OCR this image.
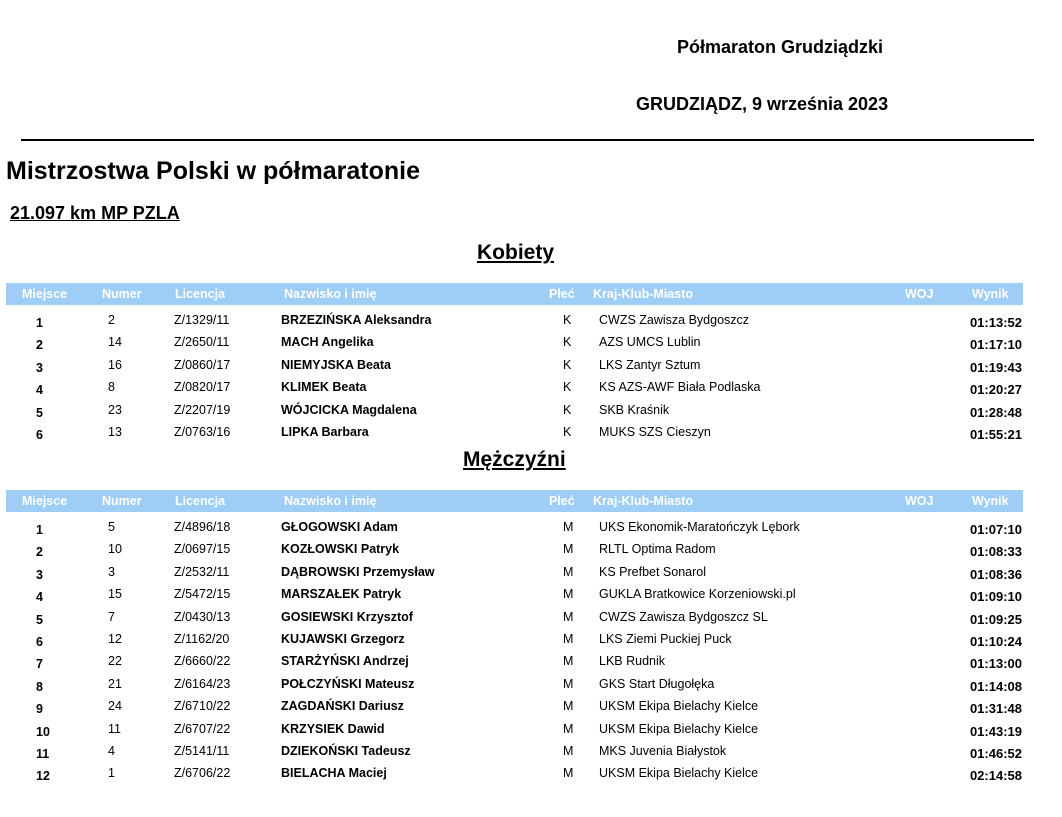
Półmaraton Grudziądzki
GRUDZIĄDZ, 9 września 2023
Mistrzostwa Polski w półmaratonie
21.097 km MP PZLA
Kobiety
Miejsce	Numer	Licencja	Nazwisko i imię	Płeć Kraj-Klub-Miasto	WOJ	Wynik
1	2	Z/1329/11	BRZEZIŃSKA Aleksandra	K CWZS Zawisza Bydgoszcz	01:13:52
2	14	Z/2650/11	MACH Angelika	K AZS UMCS Lublin	01:17:10
3	16	Z/0860/17	NIEMYJSKA Beata	K LKS Zantyr Sztum	01:19:43
4	8	Z/0820/17	KLIMEK Beata	K KS AZS-AWF Biała Podlaska	01:20:27
5	23	Z/2207/19	WÓJCICKA Magdalena	K SKB Kraśnik	01:28:48
6	13	Z/0763/16	LIPKA Barbara	K MUKS SZS Cieszyn	01:55:21
Mężczyźni
Miejsce	Numer	Licencja	Nazwisko i imię	Płeć Kraj-Klub-Miasto	WOJ	Wynik
1	5	Z/4896/18	GŁOGOWSKI Adam	M UKS Ekonomik-Maratończyk Lębork	01:07:10
2	10	Z/0697/15	KOZŁOWSKI Patryk	M RLTL Optima Radom	01:08:33
3	3	Z/2532/11	DĄBROWSKI Przemysław	M KS Prefbet Sonarol	01:08:36
4	15	Z/5472/15	MARSZAŁEK Patryk	M GUKLA Bratkowice Korzeniowski.pl	01:09:10
5	7	Z/0430/13	GOSIEWSKI Krzysztof	M CWZS Zawisza Bydgoszcz SL	01:09:25
6	12	Z/1162/20	KUJAWSKI Grzegorz	M LKS Ziemi Puckiej Puck	01:10:24
7	22	Z/6660/22	STARŻYŃSKI Andrzej	M LKB Rudnik	01:13:00
8	21	Z/6164/23	POŁCZYŃSKI Mateusz	M GKS Start Długołęka	01:14:08
9	24	Z/6710/22	ZAGDAŃSKI Dariusz	M UKSM Ekipa Bielachy Kielce	01:31:48
10	11	Z/6707/22	KRZYSIEK Dawid	M UKSM Ekipa Bielachy Kielce	01:43:19
11	4	Z/5141/11	DZIEKOŃSKI Tadeusz	M MKS Juvenia Białystok	01:46:52
12	1	Z/6706/22	BIELACHA Maciej	M UKSM Ekipa Bielachy Kielce	02:14:58
